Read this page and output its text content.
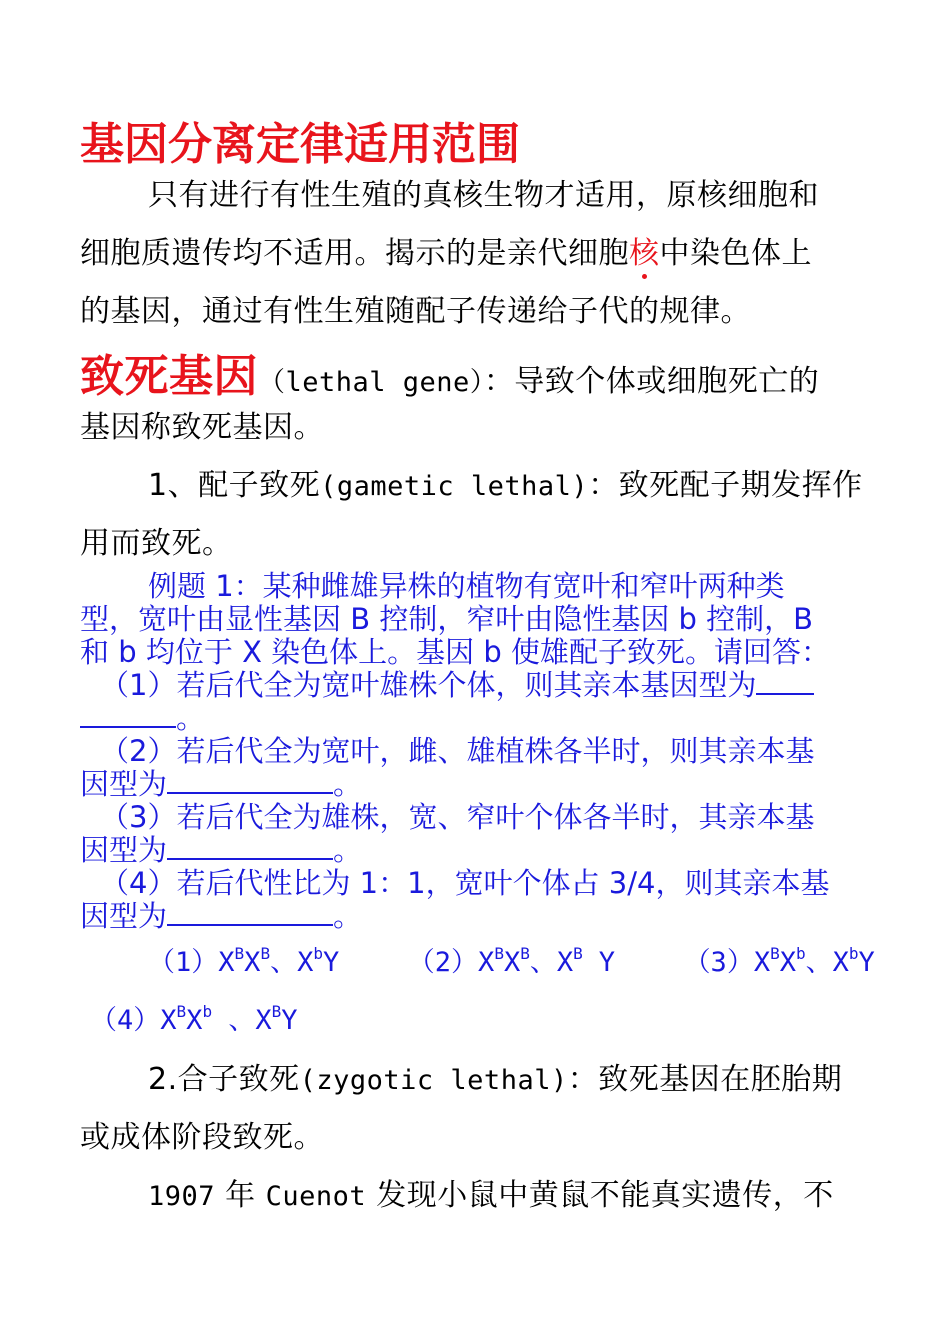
基因分离定律适用范围
只有进行有性生殖的真核生物才适用，原核细胞和
细胞质遗传均不适用。揭示的是亲代细胞核中染色体上
的基因，通过有性生殖随配子传递给子代的规律。
致死基因（lethal gene）：导致个体或细胞死亡的
基因称致死基因。
1、配子致死(gametic lethal)：致死配子期发挥作
用而致死。
例题 1：某种雌雄异株的植物有宽叶和窄叶两种类
型，宽叶由显性基因 B 控制，窄叶由隐性基因 b 控制，B
和 b 均位于 X 染色体上。基因 b 使雄配子致死。请回答：
（1）若后代全为宽叶雄株个体，则其亲本基因型为
。
（2）若后代全为宽叶，雌、雄植株各半时，则其亲本基
因型为	。
（3）若后代全为雄株，宽、窄叶个体各半时，其亲本基
因型为	。
（4）若后代性比为 1：1，宽叶个体占 3/4，则其亲本基
因型为	。
$(1)X^BX^B$、$X^bY$	$(2)X^BX^B$、$X^B$ Y	$(3)X^BX^b$、$X^bY$
$(4)X^BX^b$ 、$X^BY$
2.合子致死(zygotic lethal)：致死基因在胚胎期
或成体阶段致死。
1907 年 Cuenot 发现小鼠中黄鼠不能真实遗传，不
